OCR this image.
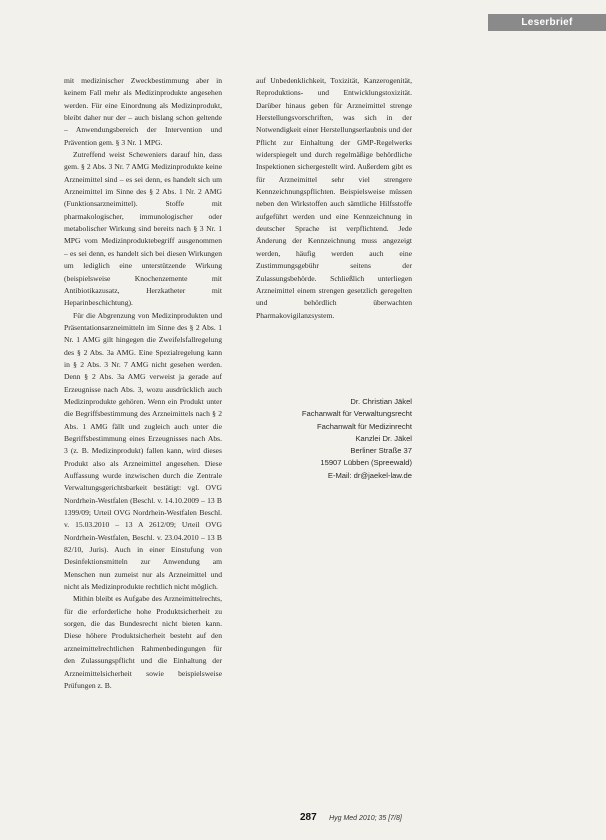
Leserbrief

mit medizinischer Zweckbestimmung aber in keinem Fall mehr als Medizinprodukte angesehen werden. Für eine Einordnung als Medizinprodukt, bleibt daher nur der – auch bislang schon geltende – Anwendungsbereich der Intervention und Prävention gem. § 3 Nr. 1 MPG.

Zutreffend weist Scheweniers darauf hin, dass gem. § 2 Abs. 3 Nr. 7 AMG Medizinprodukte keine Arzneimittel sind – es sei denn, es handelt sich um Arzneimittel im Sinne des § 2 Abs. 1 Nr. 2 AMG (Funktionsarzneimittel). Stoffe mit pharmakologischer, immunologischer oder metabolischer Wirkung sind bereits nach § 3 Nr. 1 MPG vom Medizinproduktebegriff ausgenommen – es sei denn, es handelt sich bei diesen Wirkungen um lediglich eine unterstützende Wirkung (beispielsweise Knochenzemente mit Antibiotikazusatz, Herzkatheter mit Heparinbeschichtung).

Für die Abgrenzung von Medizinprodukten und Präsentationsarzneimitteln im Sinne des § 2 Abs. 1 Nr. 1 AMG gilt hingegen die Zweifelsfallregelung des § 2 Abs. 3a AMG. Eine Spezialregelung kann in § 2 Abs. 3 Nr. 7 AMG nicht gesehen werden. Denn § 2 Abs. 3a AMG verweist ja gerade auf Erzeugnisse nach Abs. 3, wozu ausdrücklich auch Medizinprodukte gehören. Wenn ein Produkt unter die Begriffsbestimmung des Arzneimittels nach § 2 Abs. 1 AMG fällt und zugleich auch unter die Begriffsbestimmung eines Erzeugnisses nach Abs. 3 (z. B. Medizinprodukt) fallen kann, wird dieses Produkt also als Arzneimittel angesehen. Diese Auffassung wurde inzwischen durch die Zentrale Verwaltungsgerichtsbarkeit bestätigt: vgl. OVG Nordrhein-Westfalen (Beschl. v. 14.10.2009 – 13 B 1399/09; Urteil OVG Nordrhein-Westfalen Beschl. v. 15.03.2010 – 13 A 2612/09; Urteil OVG Nordrhein-Westfalen, Beschl. v. 23.04.2010 – 13 B 82/10, Juris). Auch in einer Einstufung von Desinfektionsmitteln zur Anwendung am Menschen nun zumeist nur als Arzneimittel und nicht als Medizinprodukte rechtlich nicht möglich.

Mithin bleibt es Aufgabe des Arzneimittelrechts, für die erforderliche hohe Produktsicherheit zu sorgen, die das Bundesrecht nicht bieten kann. Diese höhere Produktsicherheit besteht auf den arzneimittelrechtlichen Rahmenbedingungen für den Zulassungspflicht und die Einhaltung der Arzneimittelsicherheit sowie beispielsweise Prüfungen z. B.

auf Unbedenklichkeit, Toxizität, Kanzerogenität, Reproduktions- und Entwicklungstoxizität. Darüber hinaus geben für Arzneimittel strenge Herstellungsvorschriften, was sich in der Notwendigkeit einer Herstellungserlaubnis und der Pflicht zur Einhaltung der GMP-Regelwerks widerspiegelt und durch regelmäßige behördliche Inspektionen sichergestellt wird. Außerdem gibt es für Arzneimittel sehr viel strengere Kennzeichnungspflichten. Beispielsweise müssen neben den Wirkstoffen auch sämtliche Hilfsstoffe aufgeführt werden und eine Kennzeichnung in deutscher Sprache ist verpflichtend. Jede Änderung der Kennzeichnung muss angezeigt werden, häufig werden auch eine Zustimmungsgebühr seitens der Zulassungsbehörde. Schließlich unterliegen Arzneimittel einem strengen gesetzlich geregelten und behördlich überwachten Pharmakovigilanzsystem.

Dr. Christian Jäkel
Fachanwalt für Verwaltungsrecht
Fachanwalt für Medizinrecht
Kanzlei Dr. Jäkel
Berliner Straße 37
15907 Lübben (Spreewald)
E-Mail: dr@jaekel-law.de
287 Hyg Med 2010; 35 [7/8]
